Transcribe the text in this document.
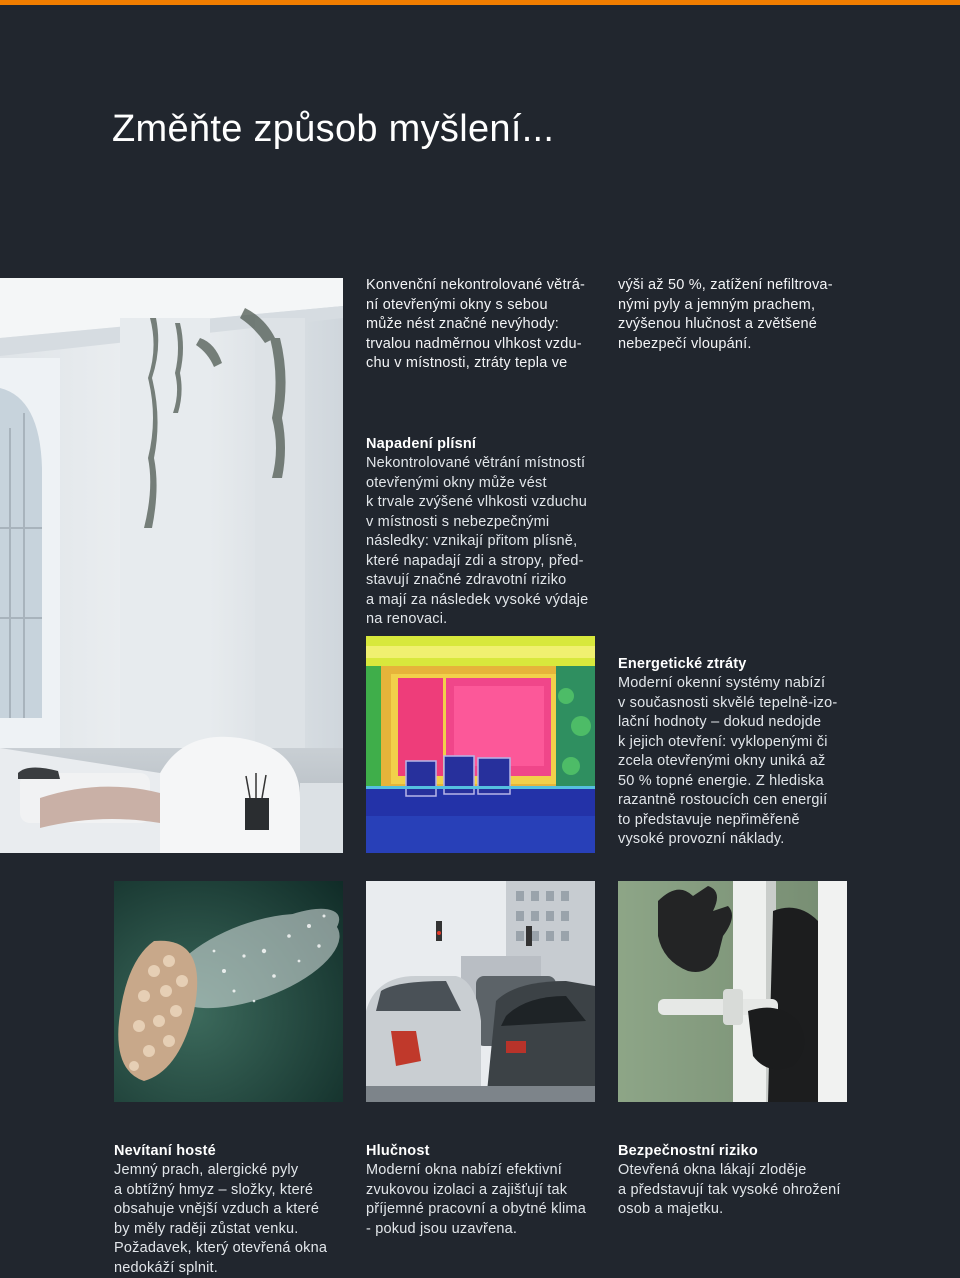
Změňte způsob myšlení...

Konvenční nekontrolované větrá-
ní otevřenými okny s sebou
může nést značné nevýhody:
trvalou nadměrnou vlhkost vzdu-
chu v místnosti, ztráty tepla ve

výši až 50 %, zatížení nefiltrova-
nými pyly a jemným prachem,
zvýšenou hlučnost a zvětšené
nebezpečí vloupání.

Napadení plísní
Nekontrolované větrání místností
otevřenými okny může vést
k trvale zvýšené vlhkosti vzduchu
v místnosti s nebezpečnými
následky: vznikají přitom plísně,
které napadají zdi a stropy, před-
stavují značné zdravotní riziko
a mají za následek vysoké výdaje
na renovaci.

Energetické ztráty
Moderní okenní systémy nabízí
v současnosti skvělé tepelně-izo-
lační hodnoty – dokud nedojde
k jejich otevření: vyklopenými či
zcela otevřenými okny uniká až
50 % topné energie. Z hlediska
razantně rostoucích cen energií
to představuje nepřiměřeně
vysoké provozní náklady.

Nevítaní hosté
Jemný prach, alergické pyly
a obtížný hmyz – složky, které
obsahuje vnější vzduch a které
by měly raději zůstat venku.
Požadavek, který otevřená okna
nedokáží splnit.

Hlučnost
Moderní okna nabízí efektivní
zvukovou izolaci a zajišťují tak
příjemné pracovní a obytné klima
- pokud jsou uzavřena.

Bezpečnostní riziko
Otevřená okna lákají zloděje
a představují tak vysoké ohrožení
osob a majetku.
